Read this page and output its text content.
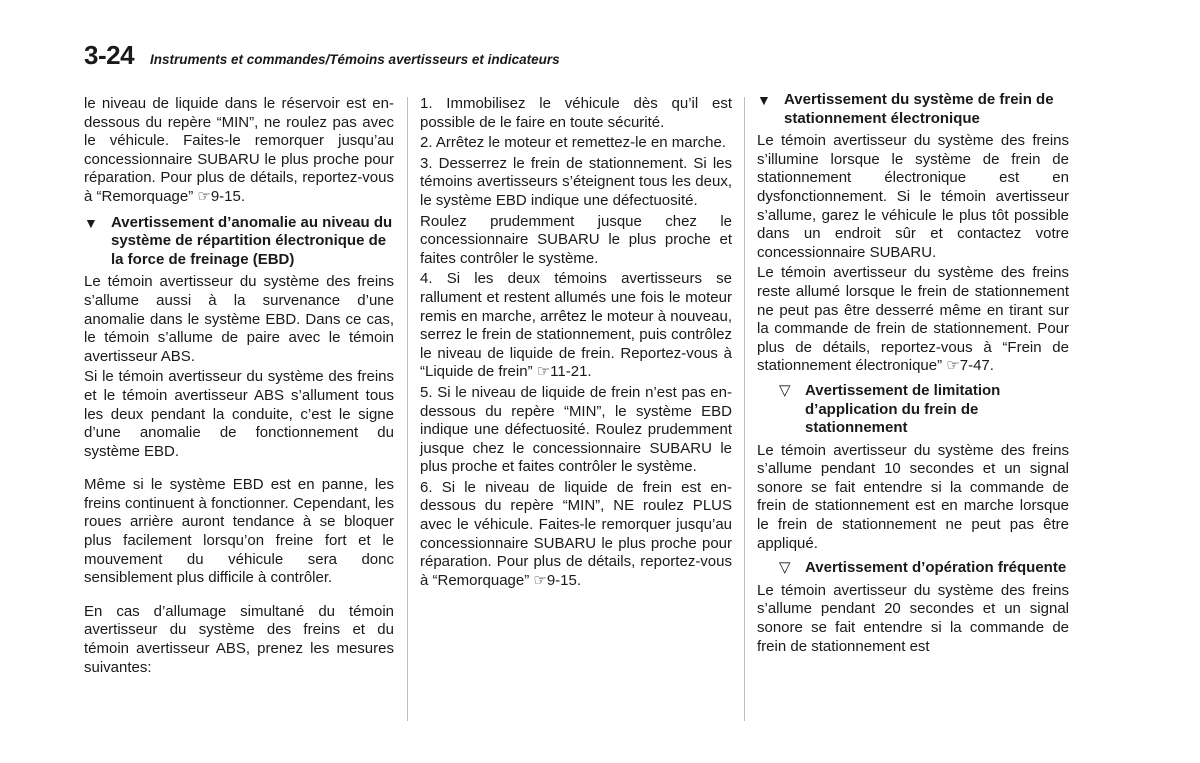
3-24 Instruments et commandes/Témoins avertisseurs et indicateurs

le niveau de liquide dans le réservoir est en-dessous du repère “MIN”, ne roulez pas avec le véhicule. Faites-le remorquer jusqu’au concessionnaire SUBARU le plus proche pour réparation. Pour plus de détails, reportez-vous à “Remorquage” ☞9-15.

▼ Avertissement d’anomalie au niveau du système de répartition électronique de la force de freinage (EBD)

Le témoin avertisseur du système des freins s’allume aussi à la survenance d’une anomalie dans le système EBD. Dans ce cas, le témoin s’allume de paire avec le témoin avertisseur ABS.

Si le témoin avertisseur du système des freins et le témoin avertisseur ABS s’allument tous les deux pendant la conduite, c’est le signe d’une anomalie de fonctionnement du système EBD.

Même si le système EBD est en panne, les freins continuent à fonctionner. Cependant, les roues arrière auront tendance à se bloquer plus facilement lorsqu’on freine fort et le mouvement du véhicule sera donc sensiblement plus difficile à contrôler.

En cas d’allumage simultané du témoin avertisseur du système des freins et du témoin avertisseur ABS, prenez les mesures suivantes:

1. Immobilisez le véhicule dès qu’il est possible de le faire en toute sécurité.

2. Arrêtez le moteur et remettez-le en marche.

3. Desserrez le frein de stationnement. Si les témoins avertisseurs s’éteignent tous les deux, le système EBD indique une défectuosité.

Roulez prudemment jusque chez le concessionnaire SUBARU le plus proche et faites contrôler le système.

4. Si les deux témoins avertisseurs se rallument et restent allumés une fois le moteur remis en marche, arrêtez le moteur à nouveau, serrez le frein de stationnement, puis contrôlez le niveau de liquide de frein. Reportez-vous à “Liquide de frein” ☞11-21.

5. Si le niveau de liquide de frein n’est pas en-dessous du repère “MIN”, le système EBD indique une défectuosité. Roulez prudemment jusque chez le concessionnaire SUBARU le plus proche et faites contrôler le système.

6. Si le niveau de liquide de frein est en-dessous du repère “MIN”, NE roulez PLUS avec le véhicule. Faites-le remorquer jusqu’au concessionnaire SUBARU le plus proche pour réparation. Pour plus de détails, reportez-vous à “Remorquage” ☞9-15.

▼ Avertissement du système de frein de stationnement électronique

Le témoin avertisseur du système des freins s’illumine lorsque le système de frein de stationnement électronique est en dysfonctionnement. Si le témoin avertisseur s’allume, garez le véhicule le plus tôt possible dans un endroit sûr et contactez votre concessionnaire SUBARU.

Le témoin avertisseur du système des freins reste allumé lorsque le frein de stationnement ne peut pas être desserré même en tirant sur la commande de frein de stationnement. Pour plus de détails, reportez-vous à “Frein de stationnement électronique” ☞7-47.

▽ Avertissement de limitation d’application du frein de stationnement

Le témoin avertisseur du système des freins s’allume pendant 10 secondes et un signal sonore se fait entendre si la commande de frein de stationnement est en marche lorsque le frein de stationnement ne peut pas être appliqué.

▽ Avertissement d’opération fréquente

Le témoin avertisseur du système des freins s’allume pendant 20 secondes et un signal sonore se fait entendre si la commande de frein de stationnement est
